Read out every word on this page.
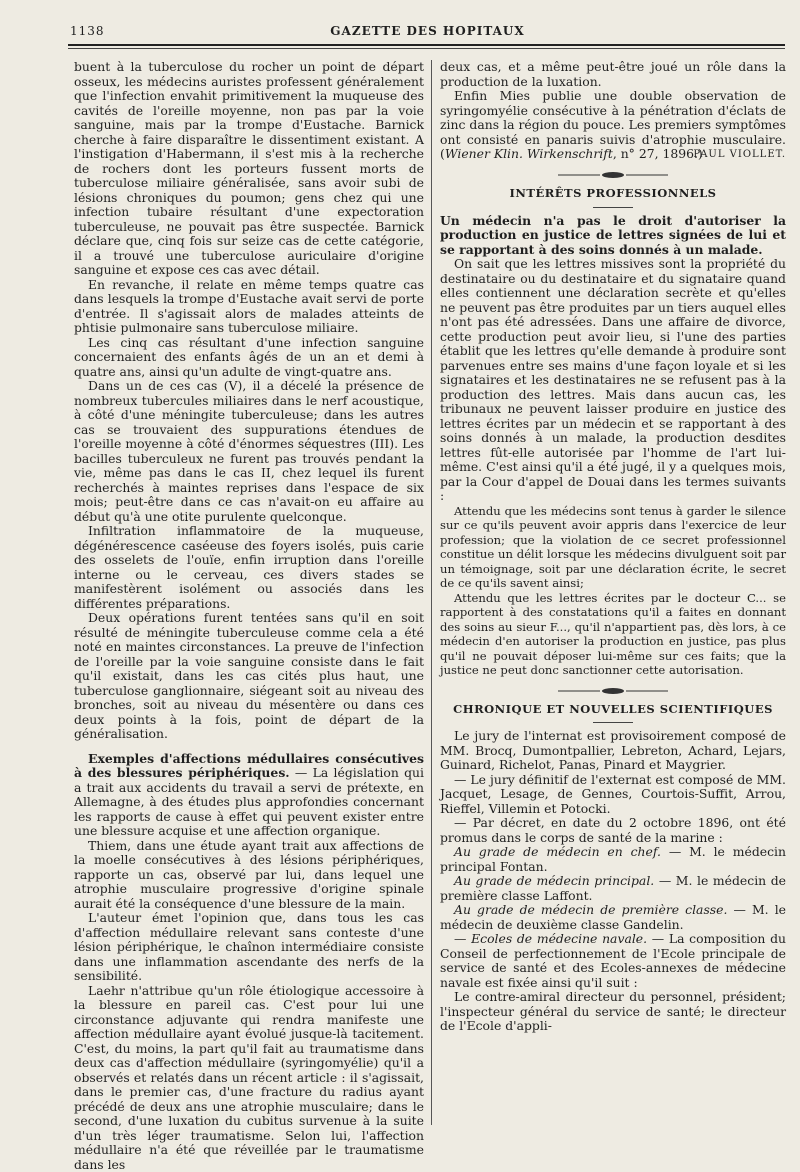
1138	GAZETTE DES HOPITAUX

buent à la tuberculose du rocher un point de départ osseux, les médecins auristes professent généralement que l'infection envahit primitivement la muqueuse des cavités de l'oreille moyenne, non pas par la voie sanguine, mais par la trompe d'Eustache. Barnick cherche à faire disparaître le dissentiment existant. A l'instigation d'Habermann, il s'est mis à la recherche de rochers dont les porteurs fussent morts de tuberculose miliaire généralisée, sans avoir subi de lésions chroniques du poumon; gens chez qui une infection tubaire résultant d'une expectoration tuberculeuse, ne pouvait pas être suspectée. Barnick déclare que, cinq fois sur seize cas de cette catégorie, il a trouvé une tuberculose auriculaire d'origine sanguine et expose ces cas avec détail.

En revanche, il relate en même temps quatre cas dans lesquels la trompe d'Eustache avait servi de porte d'entrée. Il s'agissait alors de malades atteints de phtisie pulmonaire sans tuberculose miliaire.

Les cinq cas résultant d'une infection sanguine concernaient des enfants âgés de un an et demi à quatre ans, ainsi qu'un adulte de vingt-quatre ans.

Dans un de ces cas (V), il a décelé la présence de nombreux tubercules miliaires dans le nerf acoustique, à côté d'une méningite tuberculeuse; dans les autres cas se trouvaient des suppurations étendues de l'oreille moyenne à côté d'énormes séquestres (III). Les bacilles tuberculeux ne furent pas trouvés pendant la vie, même pas dans le cas II, chez lequel ils furent recherchés à maintes reprises dans l'espace de six mois; peut-être dans ce cas n'avait-on eu affaire au début qu'à une otite purulente quelconque.

Infiltration inflammatoire de la muqueuse, dégénérescence caséeuse des foyers isolés, puis carie des osselets de l'ouïe, enfin irruption dans l'oreille interne ou le cerveau, ces divers stades se manifestèrent isolément ou associés dans les différentes préparations.

Deux opérations furent tentées sans qu'il en soit résulté de méningite tuberculeuse comme cela a été noté en maintes circonstances. La preuve de l'infection de l'oreille par la voie sanguine consiste dans le fait qu'il existait, dans les cas cités plus haut, une tuberculose ganglionnaire, siégeant soit au niveau des bronches, soit au niveau du mésentère ou dans ces deux points à la fois, point de départ de la généralisation.

Exemples d'affections médullaires consécutives à des blessures périphériques. — La législation qui a trait aux accidents du travail a servi de prétexte, en Allemagne, à des études plus approfondies concernant les rapports de cause à effet qui peuvent exister entre une blessure acquise et une affection organique.

Thiem, dans une étude ayant trait aux affections de la moelle consécutives à des lésions périphériques, rapporte un cas, observé par lui, dans lequel une atrophie musculaire progressive d'origine spinale aurait été la conséquence d'une blessure de la main.

L'auteur émet l'opinion que, dans tous les cas d'affection médullaire relevant sans conteste d'une lésion périphérique, le chaînon intermédiaire consiste dans une inflammation ascendante des nerfs de la sensibilité.

Laehr n'attribue qu'un rôle étiologique accessoire à la blessure en pareil cas. C'est pour lui une circonstance adjuvante qui rendra manifeste une affection médullaire ayant évolué jusque-là tacitement. C'est, du moins, la part qu'il fait au traumatisme dans deux cas d'affection médullaire (syringomyélie) qu'il a observés et relatés dans un récent article : il s'agissait, dans le premier cas, d'une fracture du radius ayant précédé de deux ans une atrophie musculaire; dans le second, d'une luxation du cubitus survenue à la suite d'un très léger traumatisme. Selon lui, l'affection médullaire n'a été que réveillée par le traumatisme dans les

deux cas, et a même peut-être joué un rôle dans la production de la luxation.

Enfin Mies publie une double observation de syringomyélie consécutive à la pénétration d'éclats de zinc dans la région du pouce. Les premiers symptômes ont consisté en panaris suivis d'atrophie musculaire. (Wiener Klin. Wirkenschrift, n° 27, 1896.)

PAUL VIOLLET.
INTÉRÊTS PROFESSIONNELS

Un médecin n'a pas le droit d'autoriser la production en justice de lettres signées de lui et se rapportant à des soins donnés à un malade.

On sait que les lettres missives sont la propriété du destinataire ou du destinataire et du signataire quand elles contiennent une déclaration secrète et qu'elles ne peuvent pas être produites par un tiers auquel elles n'ont pas été adressées. Dans une affaire de divorce, cette production peut avoir lieu, si l'une des parties établit que les lettres qu'elle demande à produire sont parvenues entre ses mains d'une façon loyale et si les signataires et les destinataires ne se refusent pas à la production des lettres. Mais dans aucun cas, les tribunaux ne peuvent laisser produire en justice des lettres écrites par un médecin et se rapportant à des soins donnés à un malade, la production desdites lettres fût-elle autorisée par l'homme de l'art lui-même. C'est ainsi qu'il a été jugé, il y a quelques mois, par la Cour d'appel de Douai dans les termes suivants :

Attendu que les médecins sont tenus à garder le silence sur ce qu'ils peuvent avoir appris dans l'exercice de leur profession; que la violation de ce secret professionnel constitue un délit lorsque les médecins divulguent soit par un témoignage, soit par une déclaration écrite, le secret de ce qu'ils savent ainsi;

Attendu que les lettres écrites par le docteur C... se rapportent à des constatations qu'il a faites en donnant des soins au sieur F..., qu'il n'appartient pas, dès lors, à ce médecin d'en autoriser la production en justice, pas plus qu'il ne pouvait déposer lui-même sur ces faits; que la justice ne peut donc sanctionner cette autorisation.

CHRONIQUE ET NOUVELLES SCIENTIFIQUES

Le jury de l'internat est provisoirement composé de MM. Brocq, Dumontpallier, Lebreton, Achard, Lejars, Guinard, Richelot, Panas, Pinard et Maygrier.

— Le jury définitif de l'externat est composé de MM. Jacquet, Lesage, de Gennes, Courtois-Suffit, Arrou, Rieffel, Villemin et Potocki.

— Par décret, en date du 2 octobre 1896, ont été promus dans le corps de santé de la marine :

Au grade de médecin en chef. — M. le médecin principal Fontan.

Au grade de médecin principal. — M. le médecin de première classe Laffont.

Au grade de médecin de première classe. — M. le médecin de deuxième classe Gandelin.

— Ecoles de médecine navale. — La composition du Conseil de perfectionnement de l'Ecole principale de service de santé et des Ecoles-annexes de médecine navale est fixée ainsi qu'il suit :

Le contre-amiral directeur du personnel, président; l'inspecteur général du service de santé; le directeur de l'Ecole d'appli-
